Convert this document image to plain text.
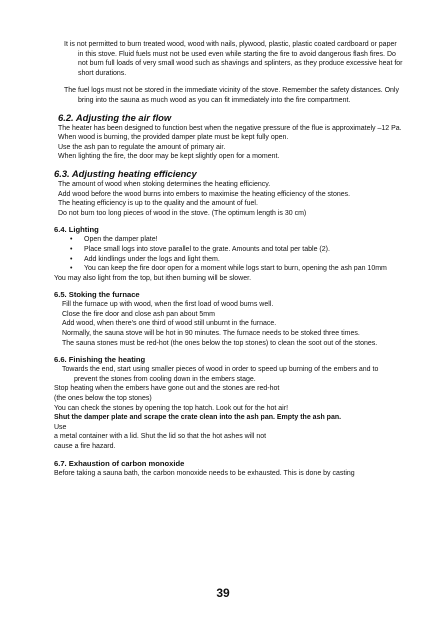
It is not permitted to burn treated wood, wood with nails, plywood, plastic, plastic coated cardboard or paper in this stove. Fluid fuels must not be used even while starting the fire to avoid dangerous flash fires. Do not burn full loads of very small wood such as shavings and splinters, as they produce excessive heat for short durations.

The fuel logs must not be stored in the immediate vicinity of the stove. Remember the safety distances. Only bring into the sauna as much wood as you can fit immediately into the fire compartment.

6.2. Adjusting the air flow

The heater has been designed to function best when the negative pressure of the flue is approximately –12 Pa.

When wood is burning, the provided damper plate must be kept fully open.

Use the ash pan to regulate the amount of primary air.

When lighting the fire, the door may be kept slightly open for a moment.

6.3. Adjusting heating efficiency

The amount of wood when stoking determines the heating efficiency.

Add wood before the wood burns into embers to maximise the heating efficiency of the stones.

The heating efficiency is up to the quality and the amount of fuel.

Do not burn too long pieces of wood in the stove. (The optimum length is 30 cm)

6.4. Lighting
• Open the damper plate!
• Place small logs into stove parallel to the grate. Amounts and total per table (2).
• Add kindlings under the logs and light them.
• You can keep the fire door open for a moment while logs start to burn, opening the ash pan 10mm

You may also light from the top, but ithen burning will be slower.

6.5. Stoking the furnace

Fill the furnace up with wood, when the first load of wood burns well.

Close the fire door and close ash pan about 5mm

Add wood, when there's one third of wood still unburnt in the furnace.

Normally, the sauna stove will be hot in 90 minutes. The furnace needs to be stoked three times.

The sauna stones must be red-hot (the ones below the top stones) to clean the soot out of the stones.

6.6. Finishing the heating

Towards the end, start using smaller pieces of wood in order to speed up burning of the embers and to prevent the stones from cooling down in the embers stage.

Stop heating when the embers have gone out and the stones are red-hot

(the ones below the top stones)

You can check the stones by opening the top hatch. Look out for the hot air!

Shut the damper plate and scrape the crate clean into the ash pan. Empty the ash pan.

Use

a metal container with a lid. Shut the lid so that the hot ashes will not

cause a fire hazard.

6.7. Exhaustion of carbon monoxide

Before taking a sauna bath, the carbon monoxide needs to be exhausted. This is done by casting

39
